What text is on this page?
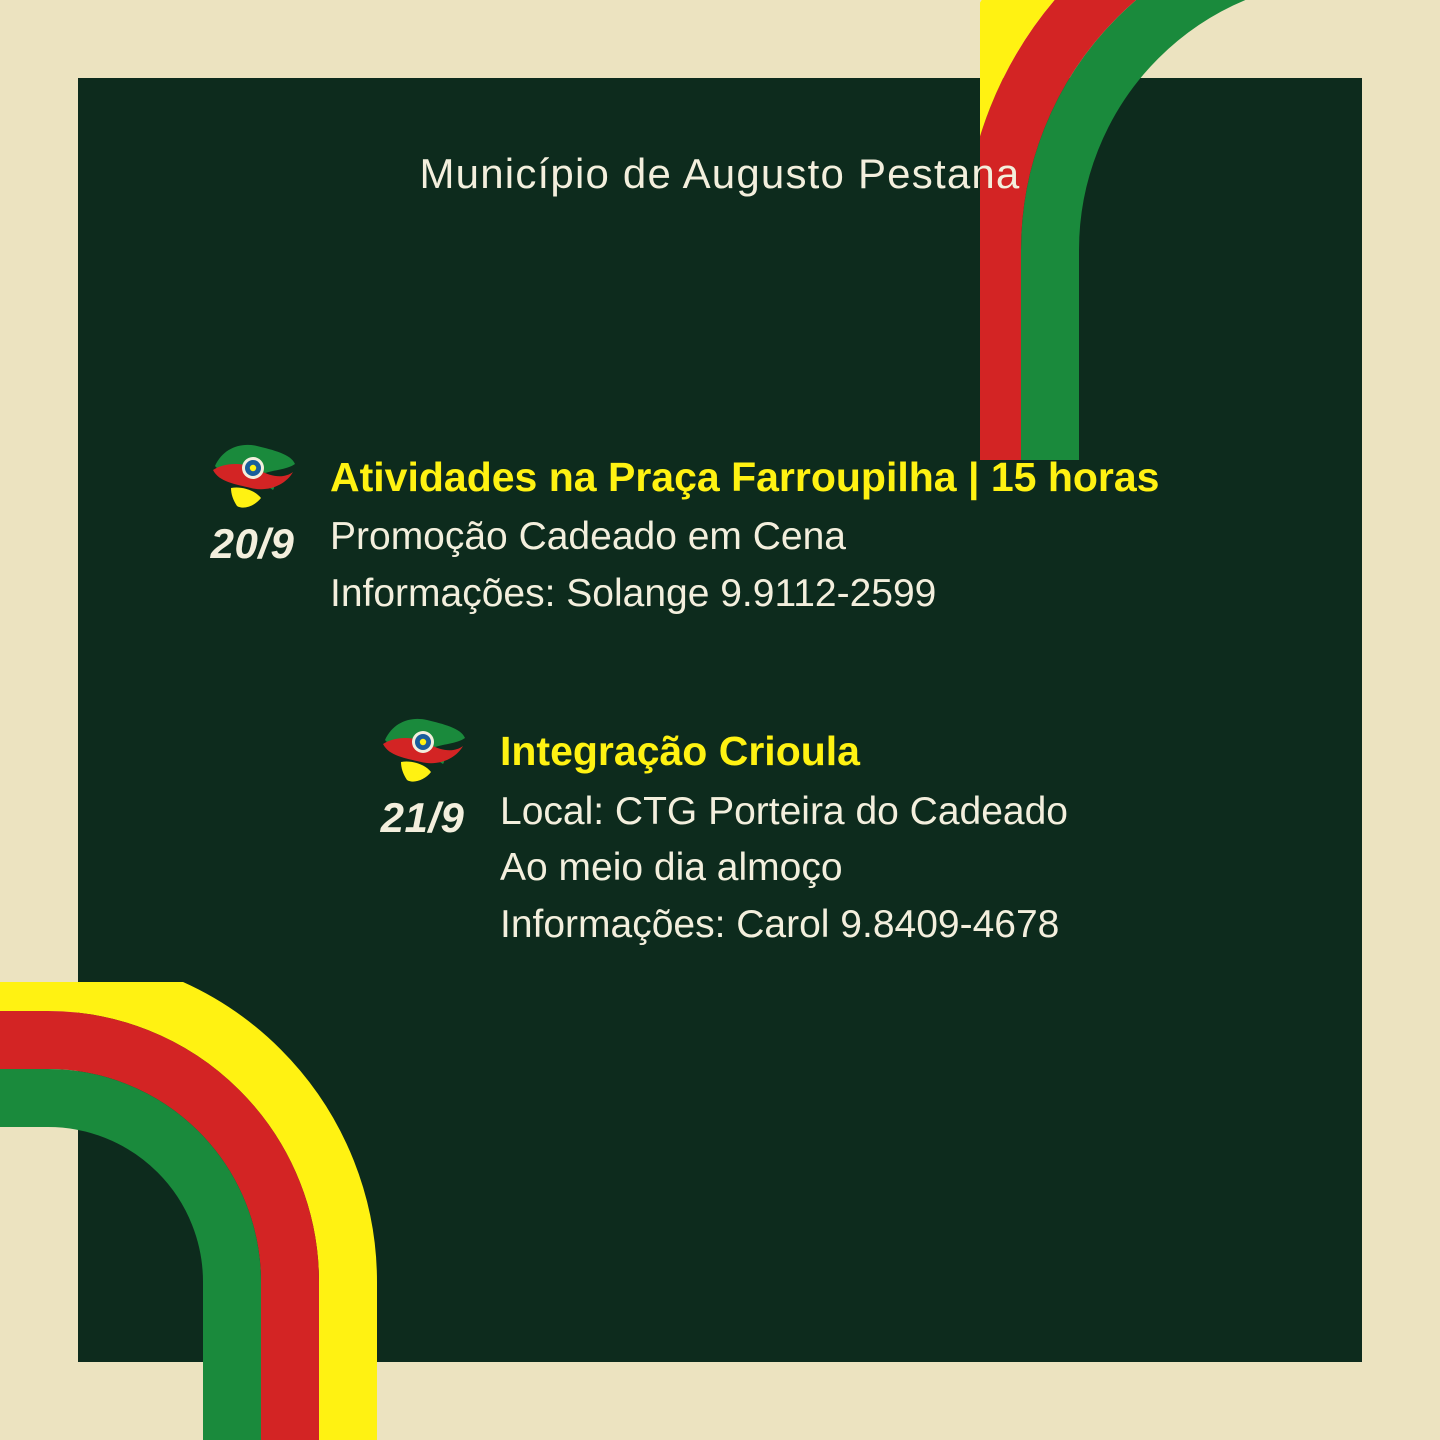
Município de Augusto Pestana
20/9
Atividades na Praça Farroupilha | 15 horas
Promoção Cadeado em Cena
Informações: Solange 9.9112-2599
21/9
Integração Crioula
Local: CTG Porteira do Cadeado
Ao meio dia almoço
Informações: Carol 9.8409-4678
